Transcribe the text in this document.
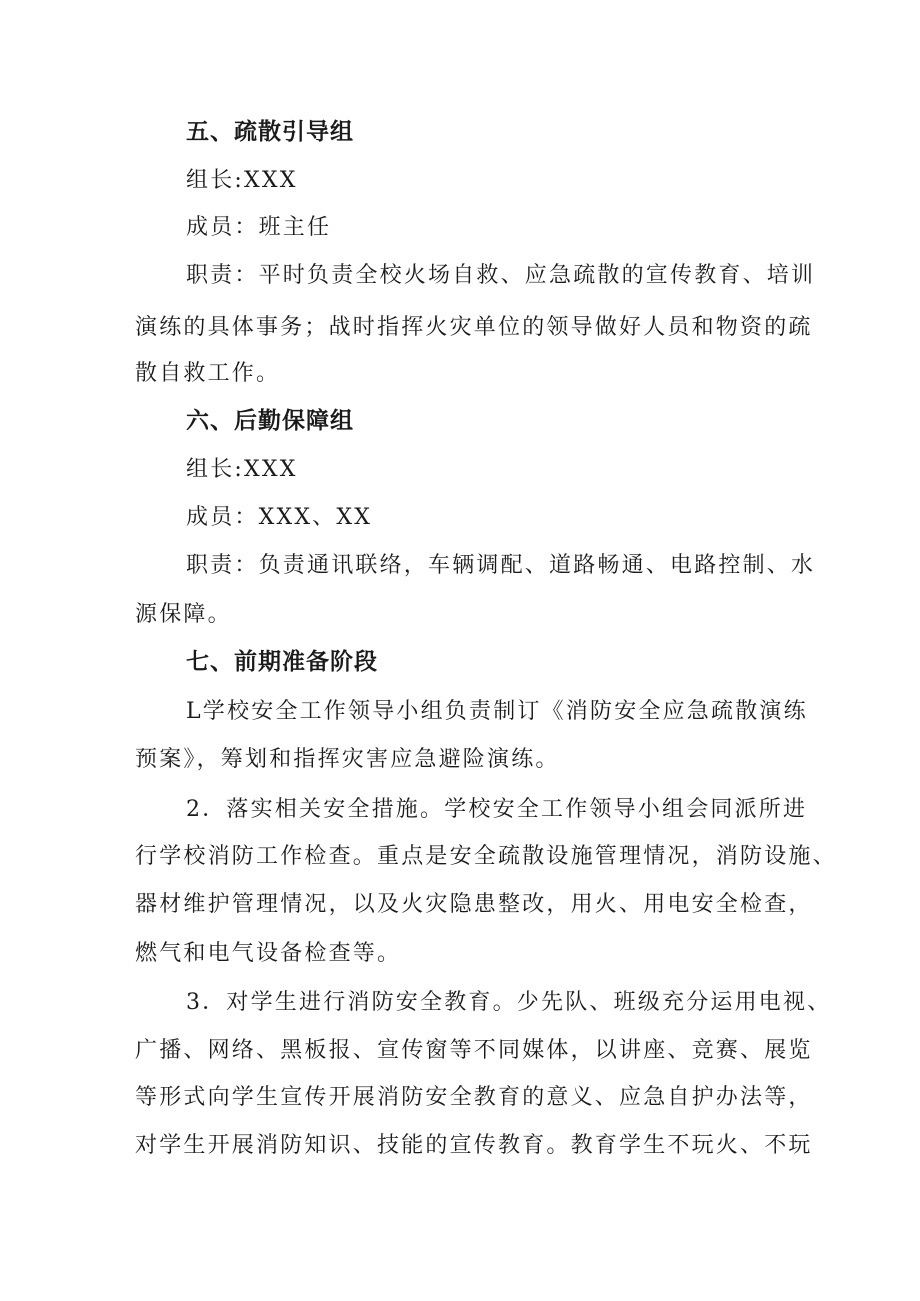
五、疏散引导组
组长:XXX
成员：班主任
职责：平时负责全校火场自救、应急疏散的宣传教育、培训
演练的具体事务；战时指挥火灾单位的领导做好人员和物资的疏
散自救工作。
六、后勤保障组
组长:XXX
成员：XXX、XX
职责：负责通讯联络，车辆调配、道路畅通、电路控制、水
源保障。
七、前期准备阶段
L学校安全工作领导小组负责制订《消防安全应急疏散演练
预案》，筹划和指挥灾害应急避险演练。
2．落实相关安全措施。学校安全工作领导小组会同派所进
行学校消防工作检查。重点是安全疏散设施管理情况，消防设施、
器材维护管理情况，以及火灾隐患整改，用火、用电安全检查，
燃气和电气设备检查等。
3．对学生进行消防安全教育。少先队、班级充分运用电视、
广播、网络、黑板报、宣传窗等不同媒体，以讲座、竞赛、展览
等形式向学生宣传开展消防安全教育的意义、应急自护办法等，
对学生开展消防知识、技能的宣传教育。教育学生不玩火、不玩
